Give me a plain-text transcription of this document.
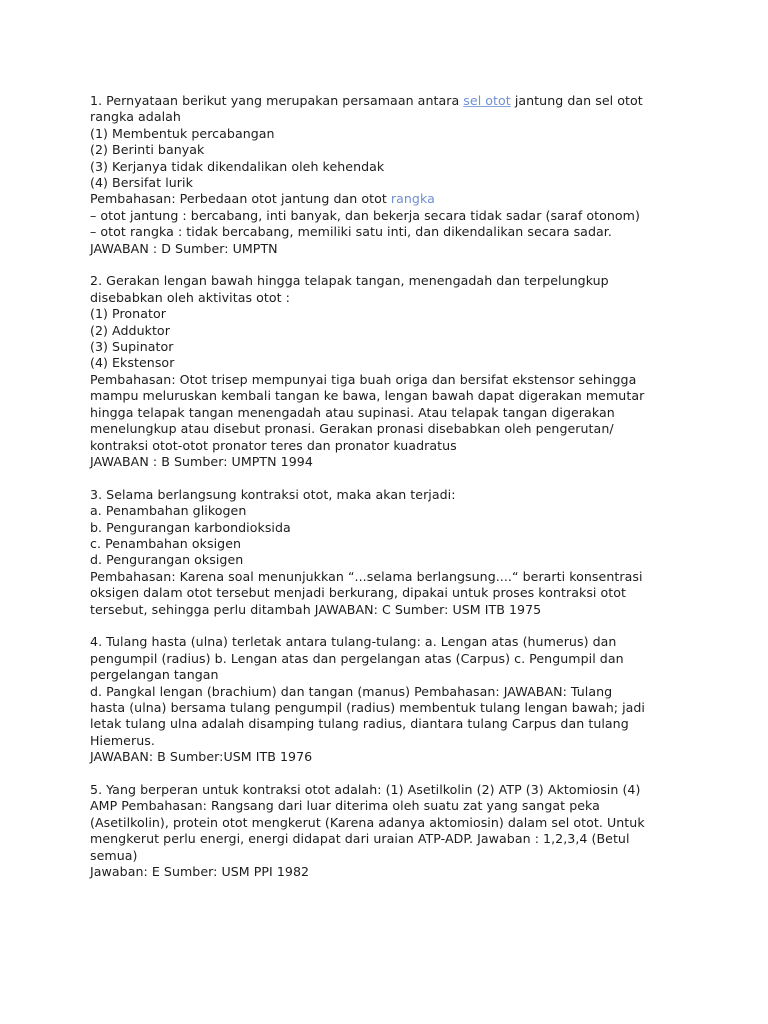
1. Pernyataan berikut yang merupakan persamaan antara sel otot jantung dan sel otot
rangka adalah
(1) Membentuk percabangan
(2) Berinti banyak
(3) Kerjanya tidak dikendalikan oleh kehendak
(4) Bersifat lurik
Pembahasan: Perbedaan otot jantung dan otot rangka
– otot jantung : bercabang, inti banyak, dan bekerja secara tidak sadar (saraf otonom)
– otot rangka : tidak bercabang, memiliki satu inti, dan dikendalikan secara sadar.
JAWABAN : D Sumber: UMPTN
2. Gerakan lengan bawah hingga telapak tangan, menengadah dan terpelungkup
disebabkan oleh aktivitas otot :
(1) Pronator
(2) Adduktor
(3) Supinator
(4) Ekstensor
Pembahasan: Otot trisep mempunyai tiga buah origa dan bersifat ekstensor sehingga
mampu meluruskan kembali tangan ke bawa, lengan bawah dapat digerakan memutar
hingga telapak tangan menengadah atau supinasi. Atau telapak tangan digerakan
menelungkup atau disebut pronasi. Gerakan pronasi disebabkan oleh pengerutan/
kontraksi otot-otot pronator teres dan pronator kuadratus
JAWABAN : B Sumber: UMPTN 1994
3. Selama berlangsung kontraksi otot, maka akan terjadi:
a. Penambahan glikogen
b. Pengurangan karbondioksida
c. Penambahan oksigen
d. Pengurangan oksigen
Pembahasan: Karena soal menunjukkan “...selama berlangsung....“ berarti konsentrasi
oksigen dalam otot tersebut menjadi berkurang, dipakai untuk proses kontraksi otot
tersebut, sehingga perlu ditambah JAWABAN: C Sumber: USM ITB 1975
4. Tulang hasta (ulna) terletak antara tulang-tulang: a. Lengan atas (humerus) dan
pengumpil (radius) b. Lengan atas dan pergelangan atas (Carpus) c. Pengumpil dan
pergelangan tangan
d. Pangkal lengan (brachium) dan tangan (manus) Pembahasan: JAWABAN: Tulang
hasta (ulna) bersama tulang pengumpil (radius) membentuk tulang lengan bawah; jadi
letak tulang ulna adalah disamping tulang radius, diantara tulang Carpus dan tulang
Hiemerus.
JAWABAN: B Sumber:USM ITB 1976
5. Yang berperan untuk kontraksi otot adalah: (1) Asetilkolin (2) ATP (3) Aktomiosin (4)
AMP Pembahasan: Rangsang dari luar diterima oleh suatu zat yang sangat peka
(Asetilkolin), protein otot mengkerut (Karena adanya aktomiosin) dalam sel otot. Untuk
mengkerut perlu energi, energi didapat dari uraian ATP-ADP. Jawaban : 1,2,3,4 (Betul
semua)
Jawaban: E Sumber: USM PPI 1982
